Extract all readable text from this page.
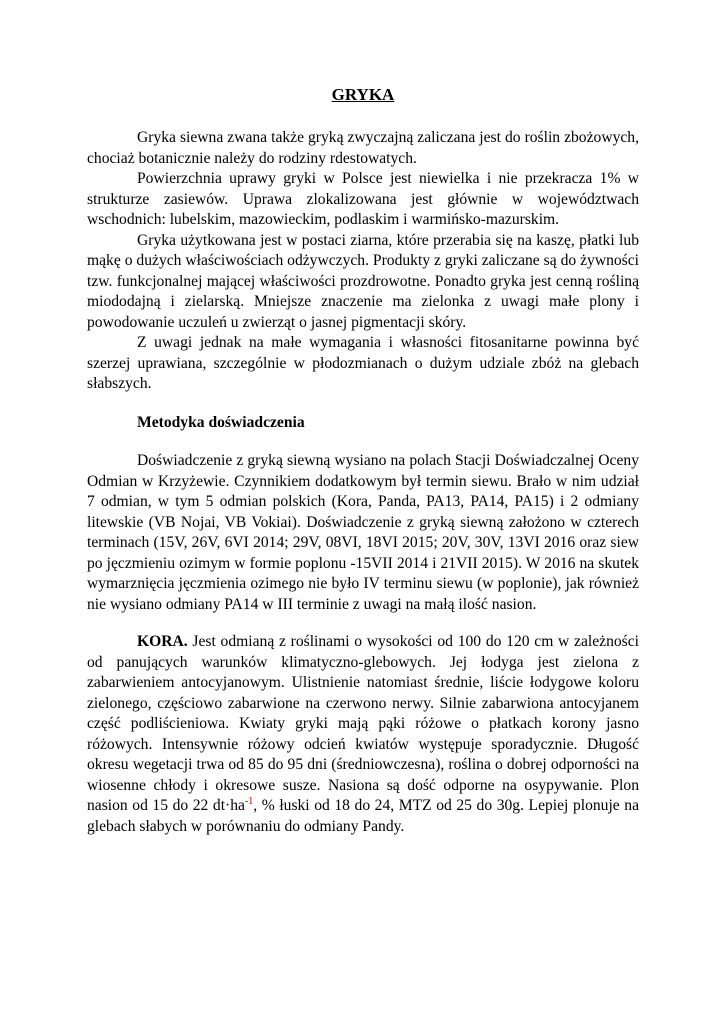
GRYKA

Gryka siewna zwana także gryką zwyczajną zaliczana jest do roślin zbożowych, chociaż botanicznie należy do rodziny rdestowatych.

Powierzchnia uprawy gryki w Polsce jest niewielka i nie przekracza 1% w strukturze zasiewów. Uprawa zlokalizowana jest głównie w województwach wschodnich: lubelskim, mazowieckim, podlaskim i warmińsko-mazurskim.

Gryka użytkowana jest w postaci ziarna, które przerabia się na kaszę, płatki lub mąkę o dużych właściwościach odżywczych. Produkty z gryki zaliczane są do żywności tzw. funkcjonalnej mającej właściwości prozdrowotne. Ponadto gryka jest cenną rośliną miododajną i zielarską. Mniejsze znaczenie ma zielonka z uwagi małe plony i powodowanie uczuleń u zwierząt o jasnej pigmentacji skóry.

Z uwagi jednak na małe wymagania i własności fitosanitarne powinna być szerzej uprawiana, szczególnie w płodozmianach o dużym udziale zbóż na glebach słabszych.

Metodyka doświadczenia

Doświadczenie z gryką siewną wysiano na polach Stacji Doświadczalnej Oceny Odmian w Krzyżewie. Czynnikiem dodatkowym był termin siewu. Brało w nim udział 7 odmian, w tym 5 odmian polskich (Kora, Panda, PA13, PA14, PA15) i 2 odmiany litewskie (VB Nojai, VB Vokiai). Doświadczenie z gryką siewną założono w czterech terminach (15V, 26V, 6VI 2014; 29V, 08VI, 18VI 2015; 20V, 30V, 13VI 2016 oraz siew po jęczmieniu ozimym w formie poplonu -15VII 2014 i 21VII 2015). W 2016 na skutek wymarznięcia jęczmienia ozimego nie było IV terminu siewu (w poplonie), jak również nie wysiano odmiany PA14 w III terminie z uwagi na małą ilość nasion.

KORA. Jest odmianą z roślinami o wysokości od 100 do 120 cm w zależności od panujących warunków klimatyczno-glebowych. Jej łodyga jest zielona z zabarwieniem antocyjanowym. Ulistnienie natomiast średnie, liście łodygowe koloru zielonego, częściowo zabarwione na czerwono nerwy. Silnie zabarwiona antocyjanem część podliścieniowa. Kwiaty gryki mają pąki różowe o płatkach korony jasno różowych. Intensywnie różowy odcień kwiatów występuje sporadycznie. Długość okresu wegetacji trwa od 85 do 95 dni (średniowczesna), roślina o dobrej odporności na wiosenne chłody i okresowe susze. Nasiona są dość odporne na osypywanie. Plon nasion od 15 do 22 $dt\cdot ha^{-1}$, % łuski od 18 do 24, MTZ od 25 do 30g. Lepiej plonuje na glebach słabych w porównaniu do odmiany Pandy.
